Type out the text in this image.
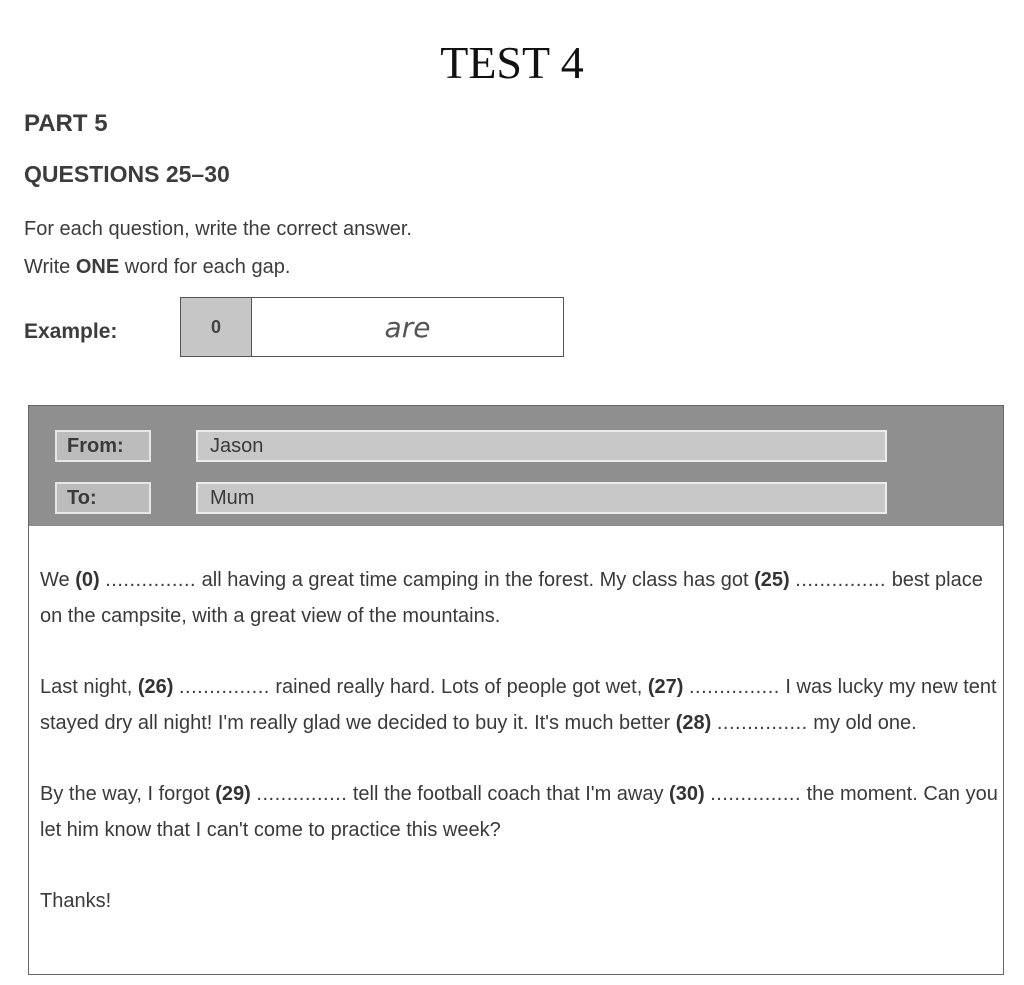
TEST 4
PART 5
QUESTIONS 25–30
For each question, write the correct answer.
Write ONE word for each gap.
Example:	0	are
From:	Jason
To:	Mum

We (0) ............... all having a great time camping in the forest. My class has got (25) ............... best place on the campsite, with a great view of the mountains.

Last night, (26) ............... rained really hard. Lots of people got wet, (27) ............... I was lucky my new tent stayed dry all night! I'm really glad we decided to buy it. It's much better (28) ............... my old one.

By the way, I forgot (29) ............... tell the football coach that I'm away (30) ............... the moment. Can you let him know that I can't come to practice this week?

Thanks!
